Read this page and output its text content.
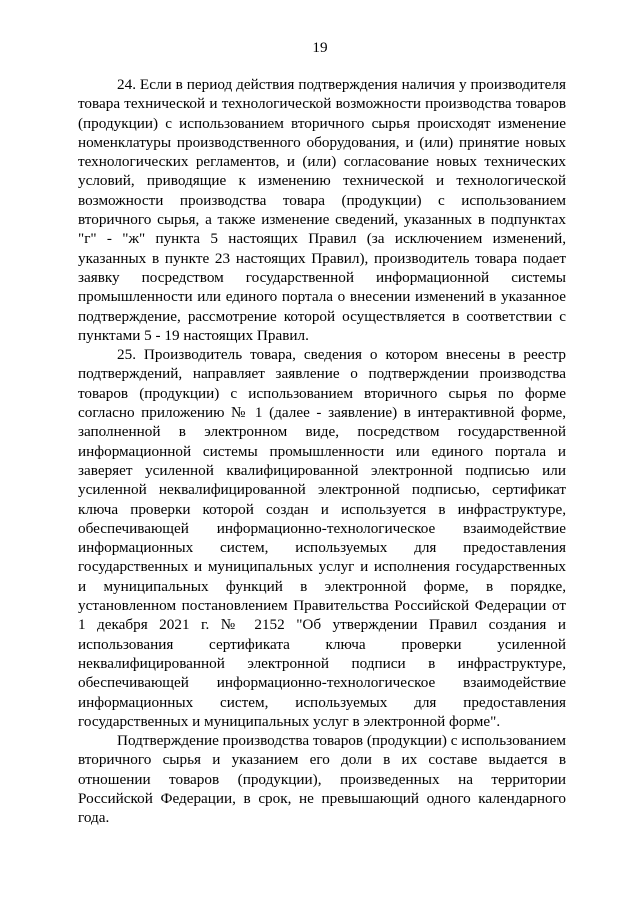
19

24. Если в период действия подтверждения наличия у производителя товара технической и технологической возможности производства товаров (продукции) с использованием вторичного сырья происходят изменение номенклатуры производственного оборудования, и (или) принятие новых технологических регламентов, и (или) согласование новых технических условий, приводящие к изменению технической и технологической возможности производства товара (продукции) с использованием вторичного сырья, а также изменение сведений, указанных в подпунктах "г" - "ж" пункта 5 настоящих Правил (за исключением изменений, указанных в пункте 23 настоящих Правил), производитель товара подает заявку посредством государственной информационной системы промышленности или единого портала о внесении изменений в указанное подтверждение, рассмотрение которой осуществляется в соответствии с пунктами 5 - 19 настоящих Правил.

25. Производитель товара, сведения о котором внесены в реестр подтверждений, направляет заявление о подтверждении производства товаров (продукции) с использованием вторичного сырья по форме согласно приложению № 1 (далее - заявление) в интерактивной форме, заполненной в электронном виде, посредством государственной информационной системы промышленности или единого портала и заверяет усиленной квалифицированной электронной подписью или усиленной неквалифицированной электронной подписью, сертификат ключа проверки которой создан и используется в инфраструктуре, обеспечивающей информационно-технологическое взаимодействие информационных систем, используемых для предоставления государственных и муниципальных услуг и исполнения государственных и муниципальных функций в электронной форме, в порядке, установленном постановлением Правительства Российской Федерации от 1 декабря 2021 г. № 2152 "Об утверждении Правил создания и использования сертификата ключа проверки усиленной неквалифицированной электронной подписи в инфраструктуре, обеспечивающей информационно-технологическое взаимодействие информационных систем, используемых для предоставления государственных и муниципальных услуг в электронной форме".

Подтверждение производства товаров (продукции) с использованием вторичного сырья и указанием его доли в их составе выдается в отношении товаров (продукции), произведенных на территории Российской Федерации, в срок, не превышающий одного календарного года.
